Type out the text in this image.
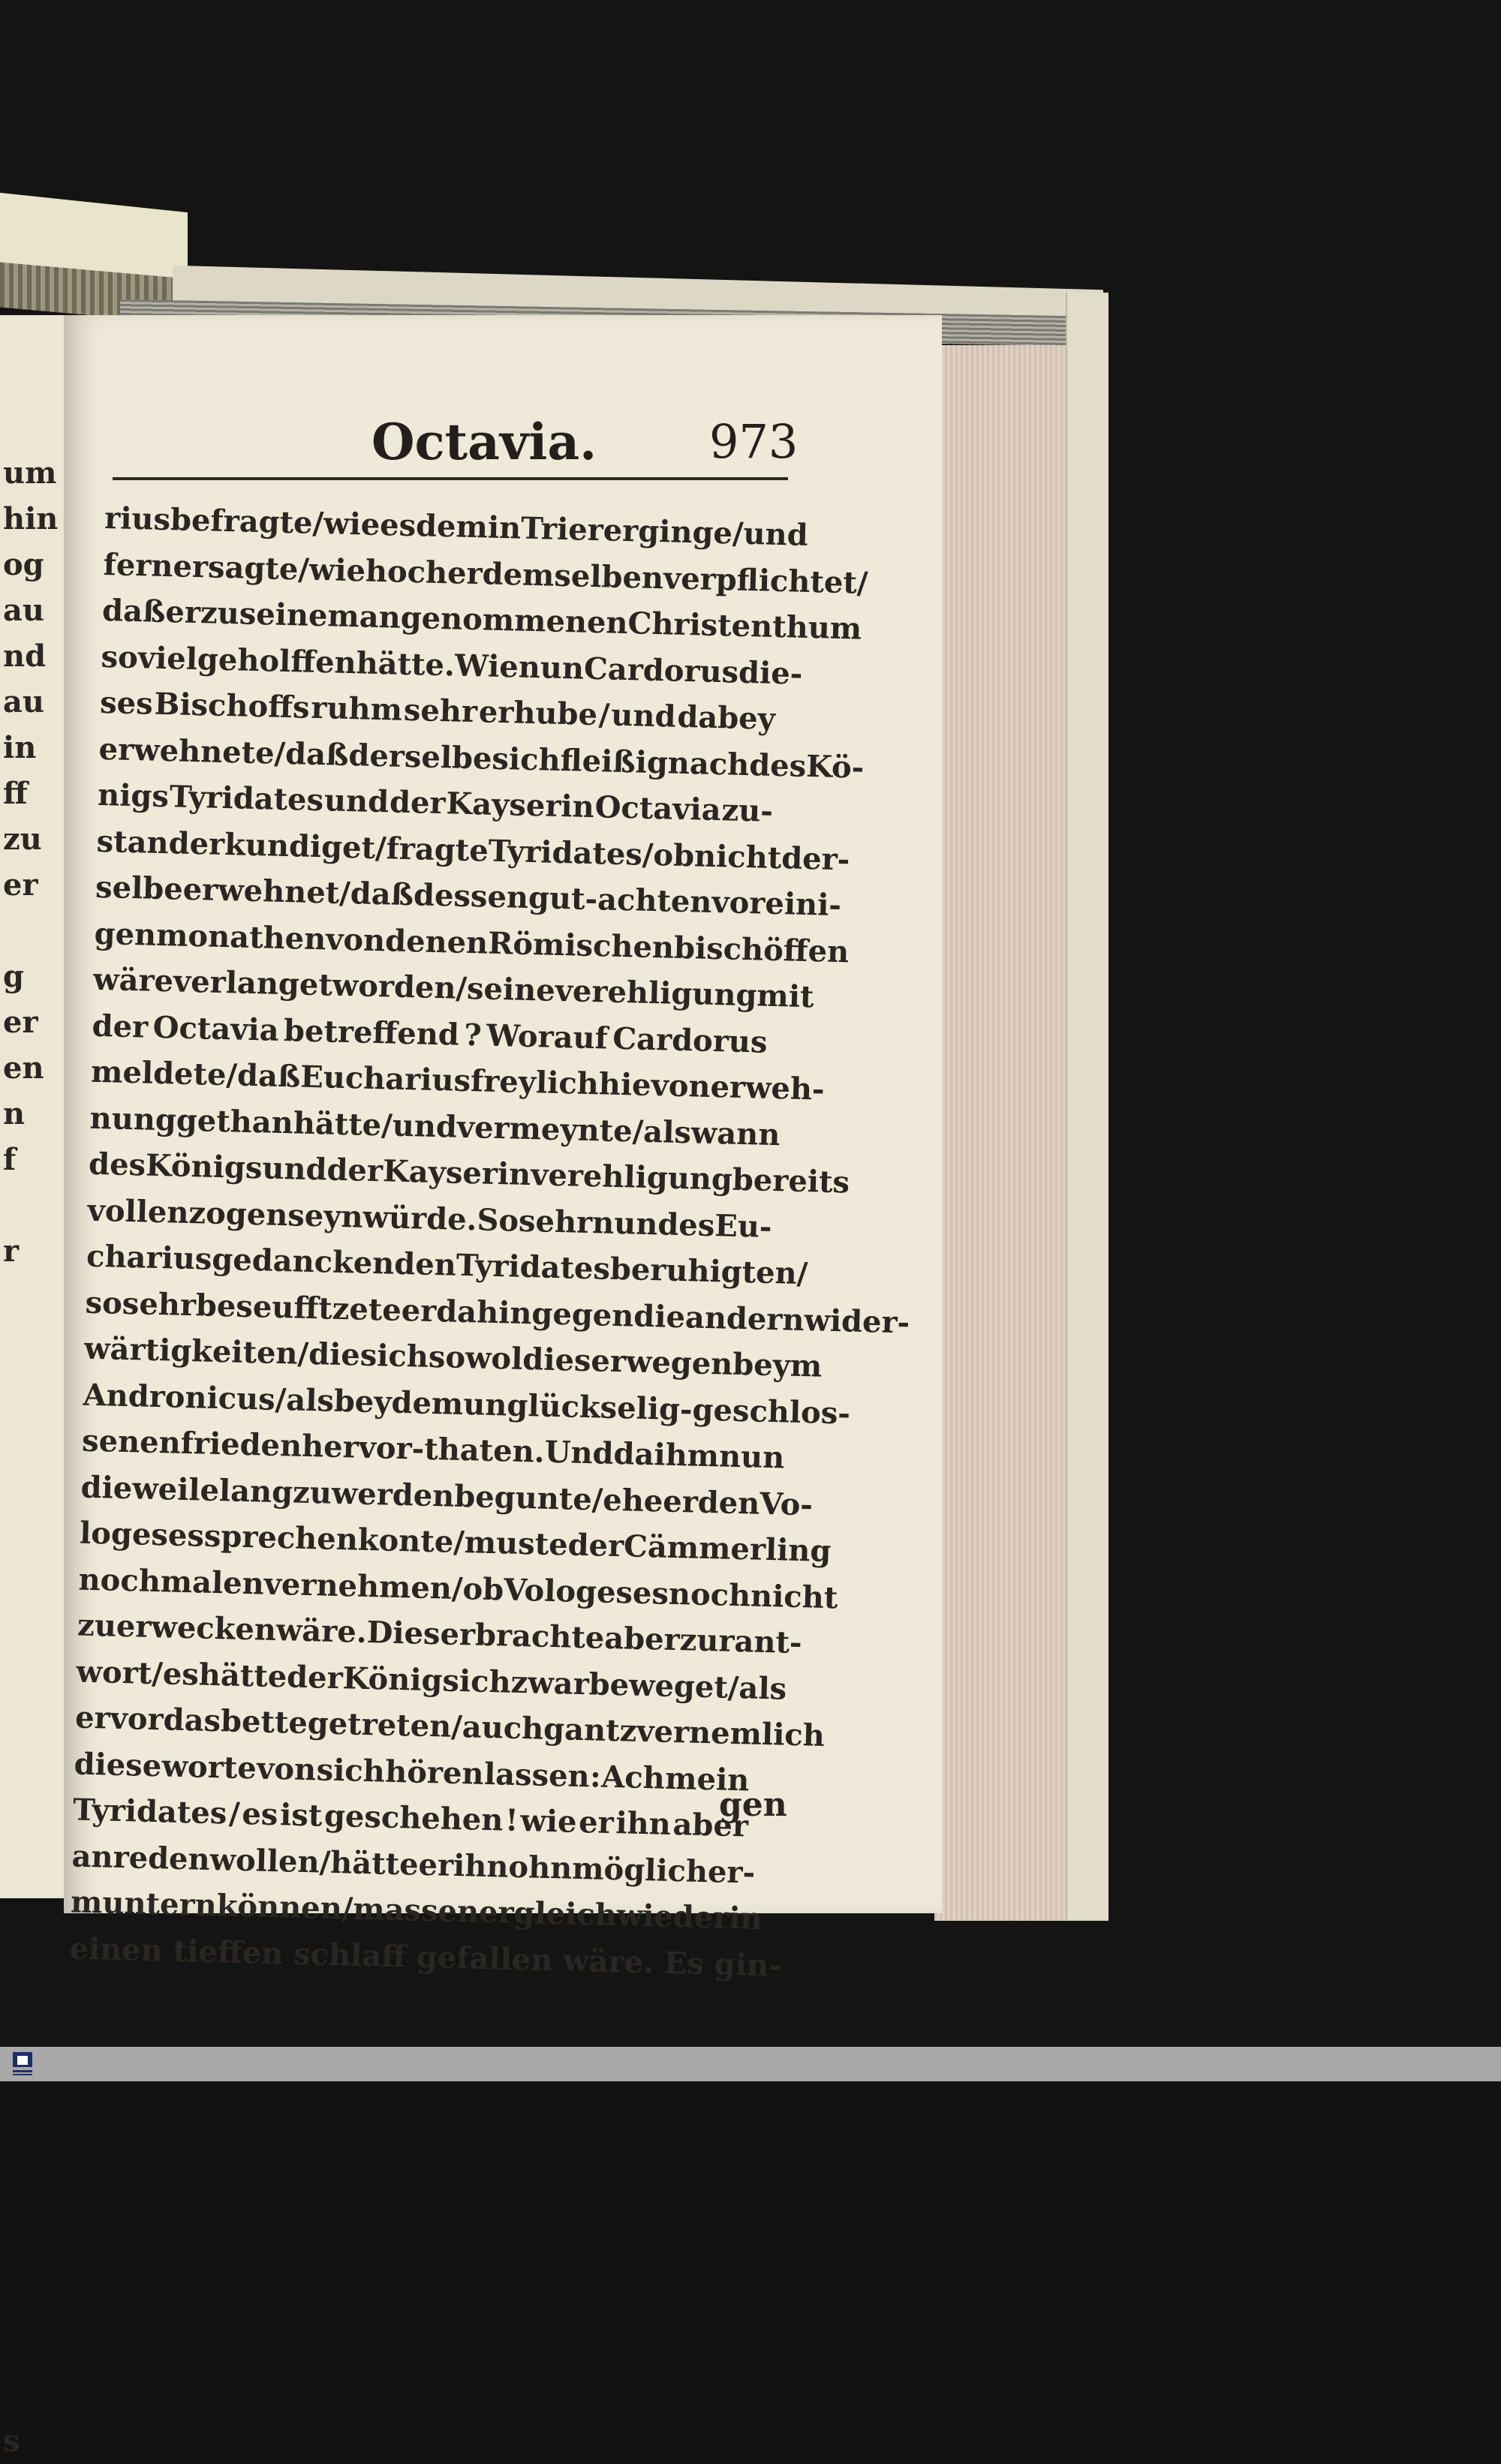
um
hin
og
au
nd
au
in
ff
zu
er
g
er
en
n
f
r
s
Octavia. 973
rius
befragte
/
wie
es
dem
in
Trier
erginge
/
und
ferner
sagte
/
wie
hoch
er
demselben
verpflichtet
/
daß
er
zu
seinem
angenommenen
Christenthum
so
viel
geholffen
hätte.
Wie
nun
Cardorus
die-
ses Bischoffs ruhm sehr erhube / und dabey
erwehnete
/
daß
derselbe
sich
fleißig
nach
des
Kö-
nigs Tyridates und der Kayserin Octavia zu-
stand
erkundiget
/
fragte
Tyridates
/
ob
nicht
der-
selbe
erwehnet
/
daß
dessen
gut-achten
vor
eini-
gen
monathen
von
denen
Römischen
bischöffen
wäre
verlanget
worden
/
seine
verehligung
mit
der Octavia betreffend ? Worauf Cardorus
meldete
/
daß
Eucharius
freylich
hievon
erweh-
nung
gethan
hätte
/
und
vermeynte
/
als
wann
des
Königs
und
der
Kayserin
verehligung
bereits
vollenzogen
seyn
würde.
So
sehr
nun
des
Eu-
charius
gedancken
den
Tyridates
beruhigten
/
so
sehr
beseufftzete
er
dahingegen
die
andern
wider-
wärtigkeiten
/
die
sich
so
wol
dieserwegen
beym
Andronicus
/
als
bey
dem
unglückselig-geschlos-
senen
frieden
hervor-thaten.
Und
da
ihm
nun
die
weile
lang
zu
werden
begunte
/
ehe
er
den
Vo-
logeses
sprechen
konte
/
muste
der
Cämmerling
nochmalen
vernehmen
/
ob
Vologeses
noch
nicht
zu
erwecken
wäre.
Dieser
brachte
aber
zur
ant-
wort
/
es
hätte
der
König
sich
zwar
beweget
/
als
er
vor
das
bette
getreten
/
auch
gantz
vernemlich
diese worte von sich hören lassen : Ach mein
Tyridates / es ist geschehen ! wie er ihn aber
anreden
wollen
/
hätte
er
ihn
ohnmöglich
er-
muntern
können
/
massen
er
gleich
wieder
in
einen tieffen schlaff gefallen wäre. Es gin-
gen
